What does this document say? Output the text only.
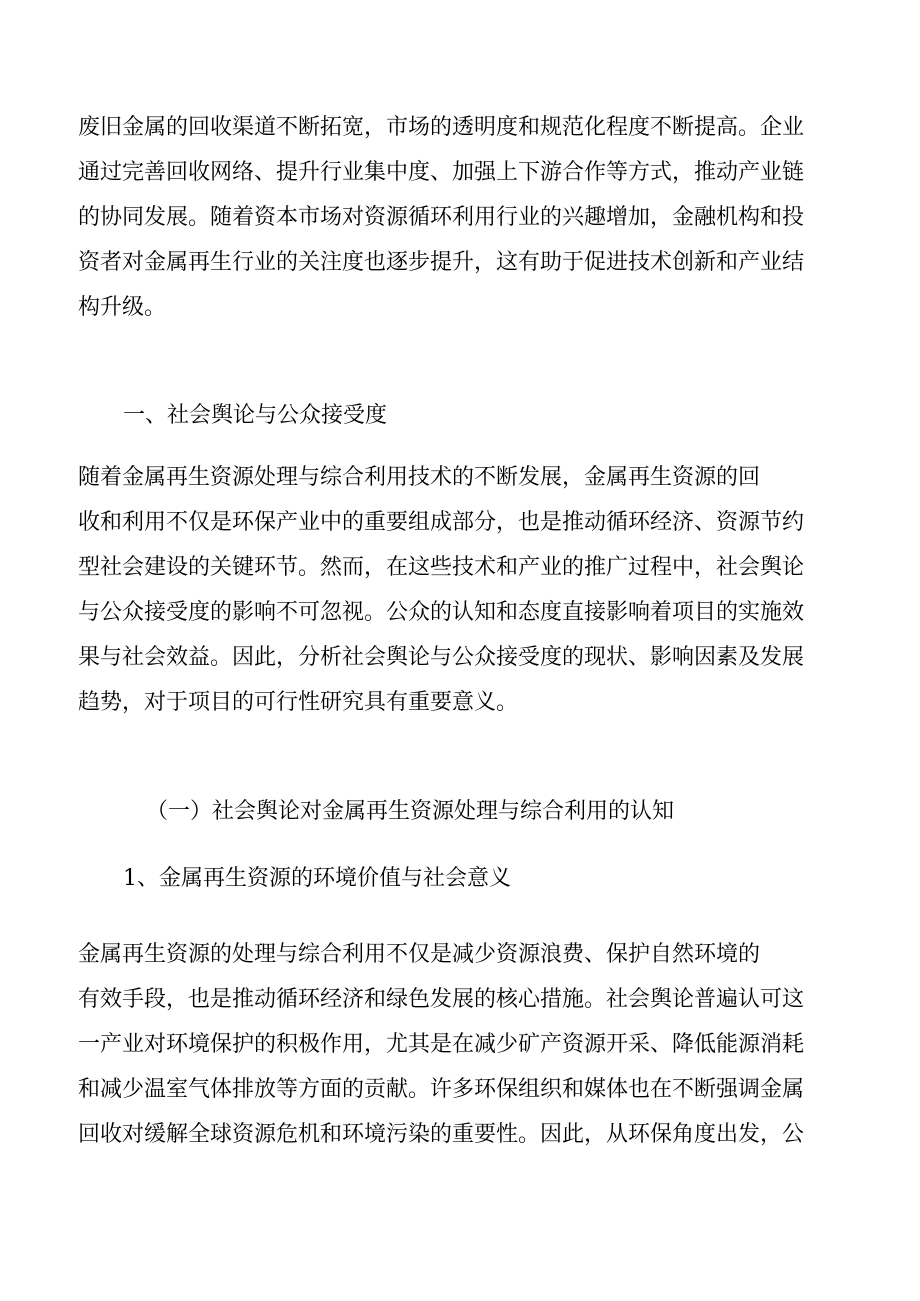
废旧金属的回收渠道不断拓宽，市场的透明度和规范化程度不断提高。企业
通过完善回收网络、提升行业集中度、加强上下游合作等方式，推动产业链
的协同发展。随着资本市场对资源循环利用行业的兴趣增加，金融机构和投
资者对金属再生行业的关注度也逐步提升，这有助于促进技术创新和产业结
构升级。
一、社会舆论与公众接受度
随着金属再生资源处理与综合利用技术的不断发展，金属再生资源的回
收和利用不仅是环保产业中的重要组成部分，也是推动循环经济、资源节约
型社会建设的关键环节。然而，在这些技术和产业的推广过程中，社会舆论
与公众接受度的影响不可忽视。公众的认知和态度直接影响着项目的实施效
果与社会效益。因此，分析社会舆论与公众接受度的现状、影响因素及发展
趋势，对于项目的可行性研究具有重要意义。
（一）社会舆论对金属再生资源处理与综合利用的认知
1、金属再生资源的环境价值与社会意义
金属再生资源的处理与综合利用不仅是减少资源浪费、保护自然环境的
有效手段，也是推动循环经济和绿色发展的核心措施。社会舆论普遍认可这
一产业对环境保护的积极作用，尤其是在减少矿产资源开采、降低能源消耗
和减少温室气体排放等方面的贡献。许多环保组织和媒体也在不断强调金属
回收对缓解全球资源危机和环境污染的重要性。因此，从环保角度出发，公
